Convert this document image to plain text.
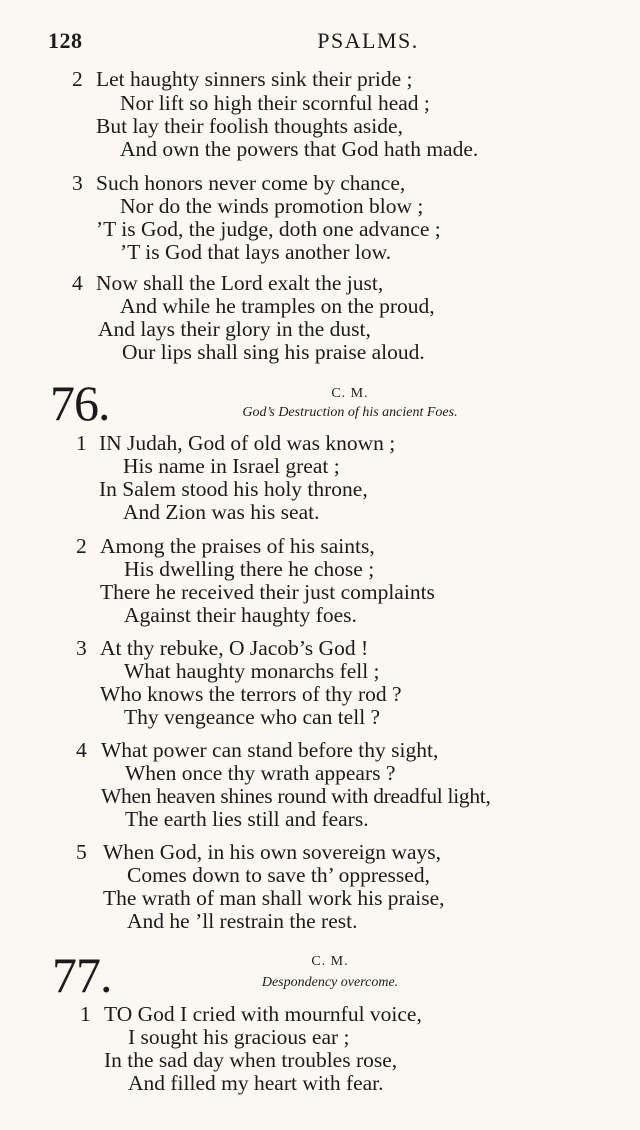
128	PSALMS.
2 Let haughty sinners sink their pride ;
Nor lift so high their scornful head ;
But lay their foolish thoughts aside,
And own the powers that God hath made.
3 Such honors never come by chance,
Nor do the winds promotion blow ;
’T is God, the judge, doth one advance ;
’T is God that lays another low.
4 Now shall the Lord exalt the just,
And while he tramples on the proud,
And lays their glory in the dust,
Our lips shall sing his praise aloud.
76.	C. M.
God’s Destruction of his ancient Foes.
1 IN Judah, God of old was known ;
His name in Israel great ;
In Salem stood his holy throne,
And Zion was his seat.
2 Among the praises of his saints,
His dwelling there he chose ;
There he received their just complaints
Against their haughty foes.
3 At thy rebuke, O Jacob’s God !
What haughty monarchs fell ;
Who knows the terrors of thy rod ?
Thy vengeance who can tell ?
4 What power can stand before thy sight,
When once thy wrath appears ?
When heaven shines round with dreadful light,
The earth lies still and fears.
5 When God, in his own sovereign ways,
Comes down to save th’ oppressed,
The wrath of man shall work his praise,
And he ’ll restrain the rest.
77.	C. M.
Despondency overcome.
1 TO God I cried with mournful voice,
I sought his gracious ear ;
In the sad day when troubles rose,
And filled my heart with fear.
